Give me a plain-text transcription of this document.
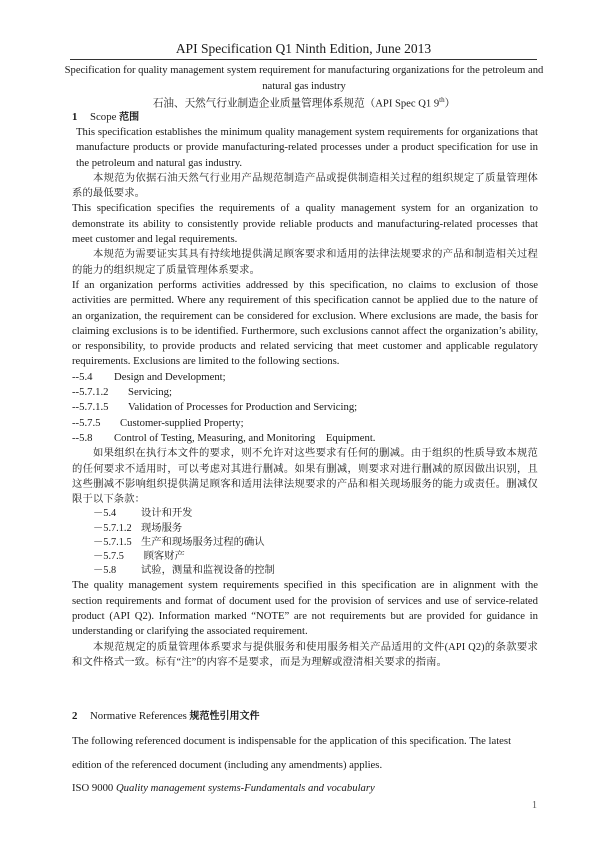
API Specification Q1 Ninth Edition, June 2013
Specification for quality management system requirement for manufacturing organizations for the petroleum and natural gas industry
石油、天然气行业制造企业质量管理体系规范（API Spec Q1 9th）
1 Scope 范围

This specification establishes the minimum quality management system requirements for organizations that manufacture products or provide manufacturing-related processes under a product specification for use in the petroleum and natural gas industry.

本规范为依据石油天然气行业用产品规范制造产品或提供制造相关过程的组织规定了质量管理体系的最低要求。

This specification specifies the requirements of a quality management system for an organization to demonstrate its ability to consistently provide reliable products and manufacturing-related processes that meet customer and legal requirements.

本规范为需要证实其具有持续地提供满足顾客要求和适用的法律法规要求的产品和制造相关过程的能力的组织规定了质量管理体系要求。

If an organization performs activities addressed by this specification, no claims to exclusion of those activities are permitted. Where any requirement of this specification cannot be applied due to the nature of an organization, the requirement can be considered for exclusion. Where exclusions are made, the basis for claiming exclusions is to be identified. Furthermore, such exclusions cannot affect the organization’s ability, or responsibility, to provide products and related servicing that meet customer and applicable regulatory requirements. Exclusions are limited to the following sections.

--5.4 Design and Development;
--5.7.1.2 Servicing;
--5.7.1.5 Validation of Processes for Production and Servicing;
--5.7.5 Customer-supplied Property;
--5.8 Control of Testing, Measuring, and Monitoring    Equipment.

如果组织在执行本文件的要求，则不允许对这些要求有任何的删减。由于组织的性质导致本规范的任何要求不适用时，可以考虑对其进行删减。如果有删减，则要求对进行删减的原因做出识别，且这些删减不影响组织提供满足顾客和适用法律法规要求的产品和相关现场服务的能力或责任。删减仅限于以下条款：

－5.4 设计和开发
－5.7.1.2 现场服务
－5.7.1.5 生产和现场服务过程的确认
－5.7.5 顾客财产
－5.8 试验，测量和监视设备的控制

The quality management system requirements specified in this specification are in alignment with the section requirements and format of document used for the provision of services and use of service-related product (API Q2). Information marked “NOTE” are not requirements but are provided for guidance in understanding or clarifying the associated requirement.

本规范规定的质量管理体系要求与提供服务和使用服务相关产品适用的文件(API Q2)的条款要求和文件格式一致。标有“注”的内容不是要求，而是为理解或澄清相关要求的指南。

2 Normative References 规范性引用文件

The following referenced document is indispensable for the application of this specification. The latest

edition of the referenced document (including any amendments) applies.

ISO 9000 Quality management systems-Fundamentals and vocabulary
1
